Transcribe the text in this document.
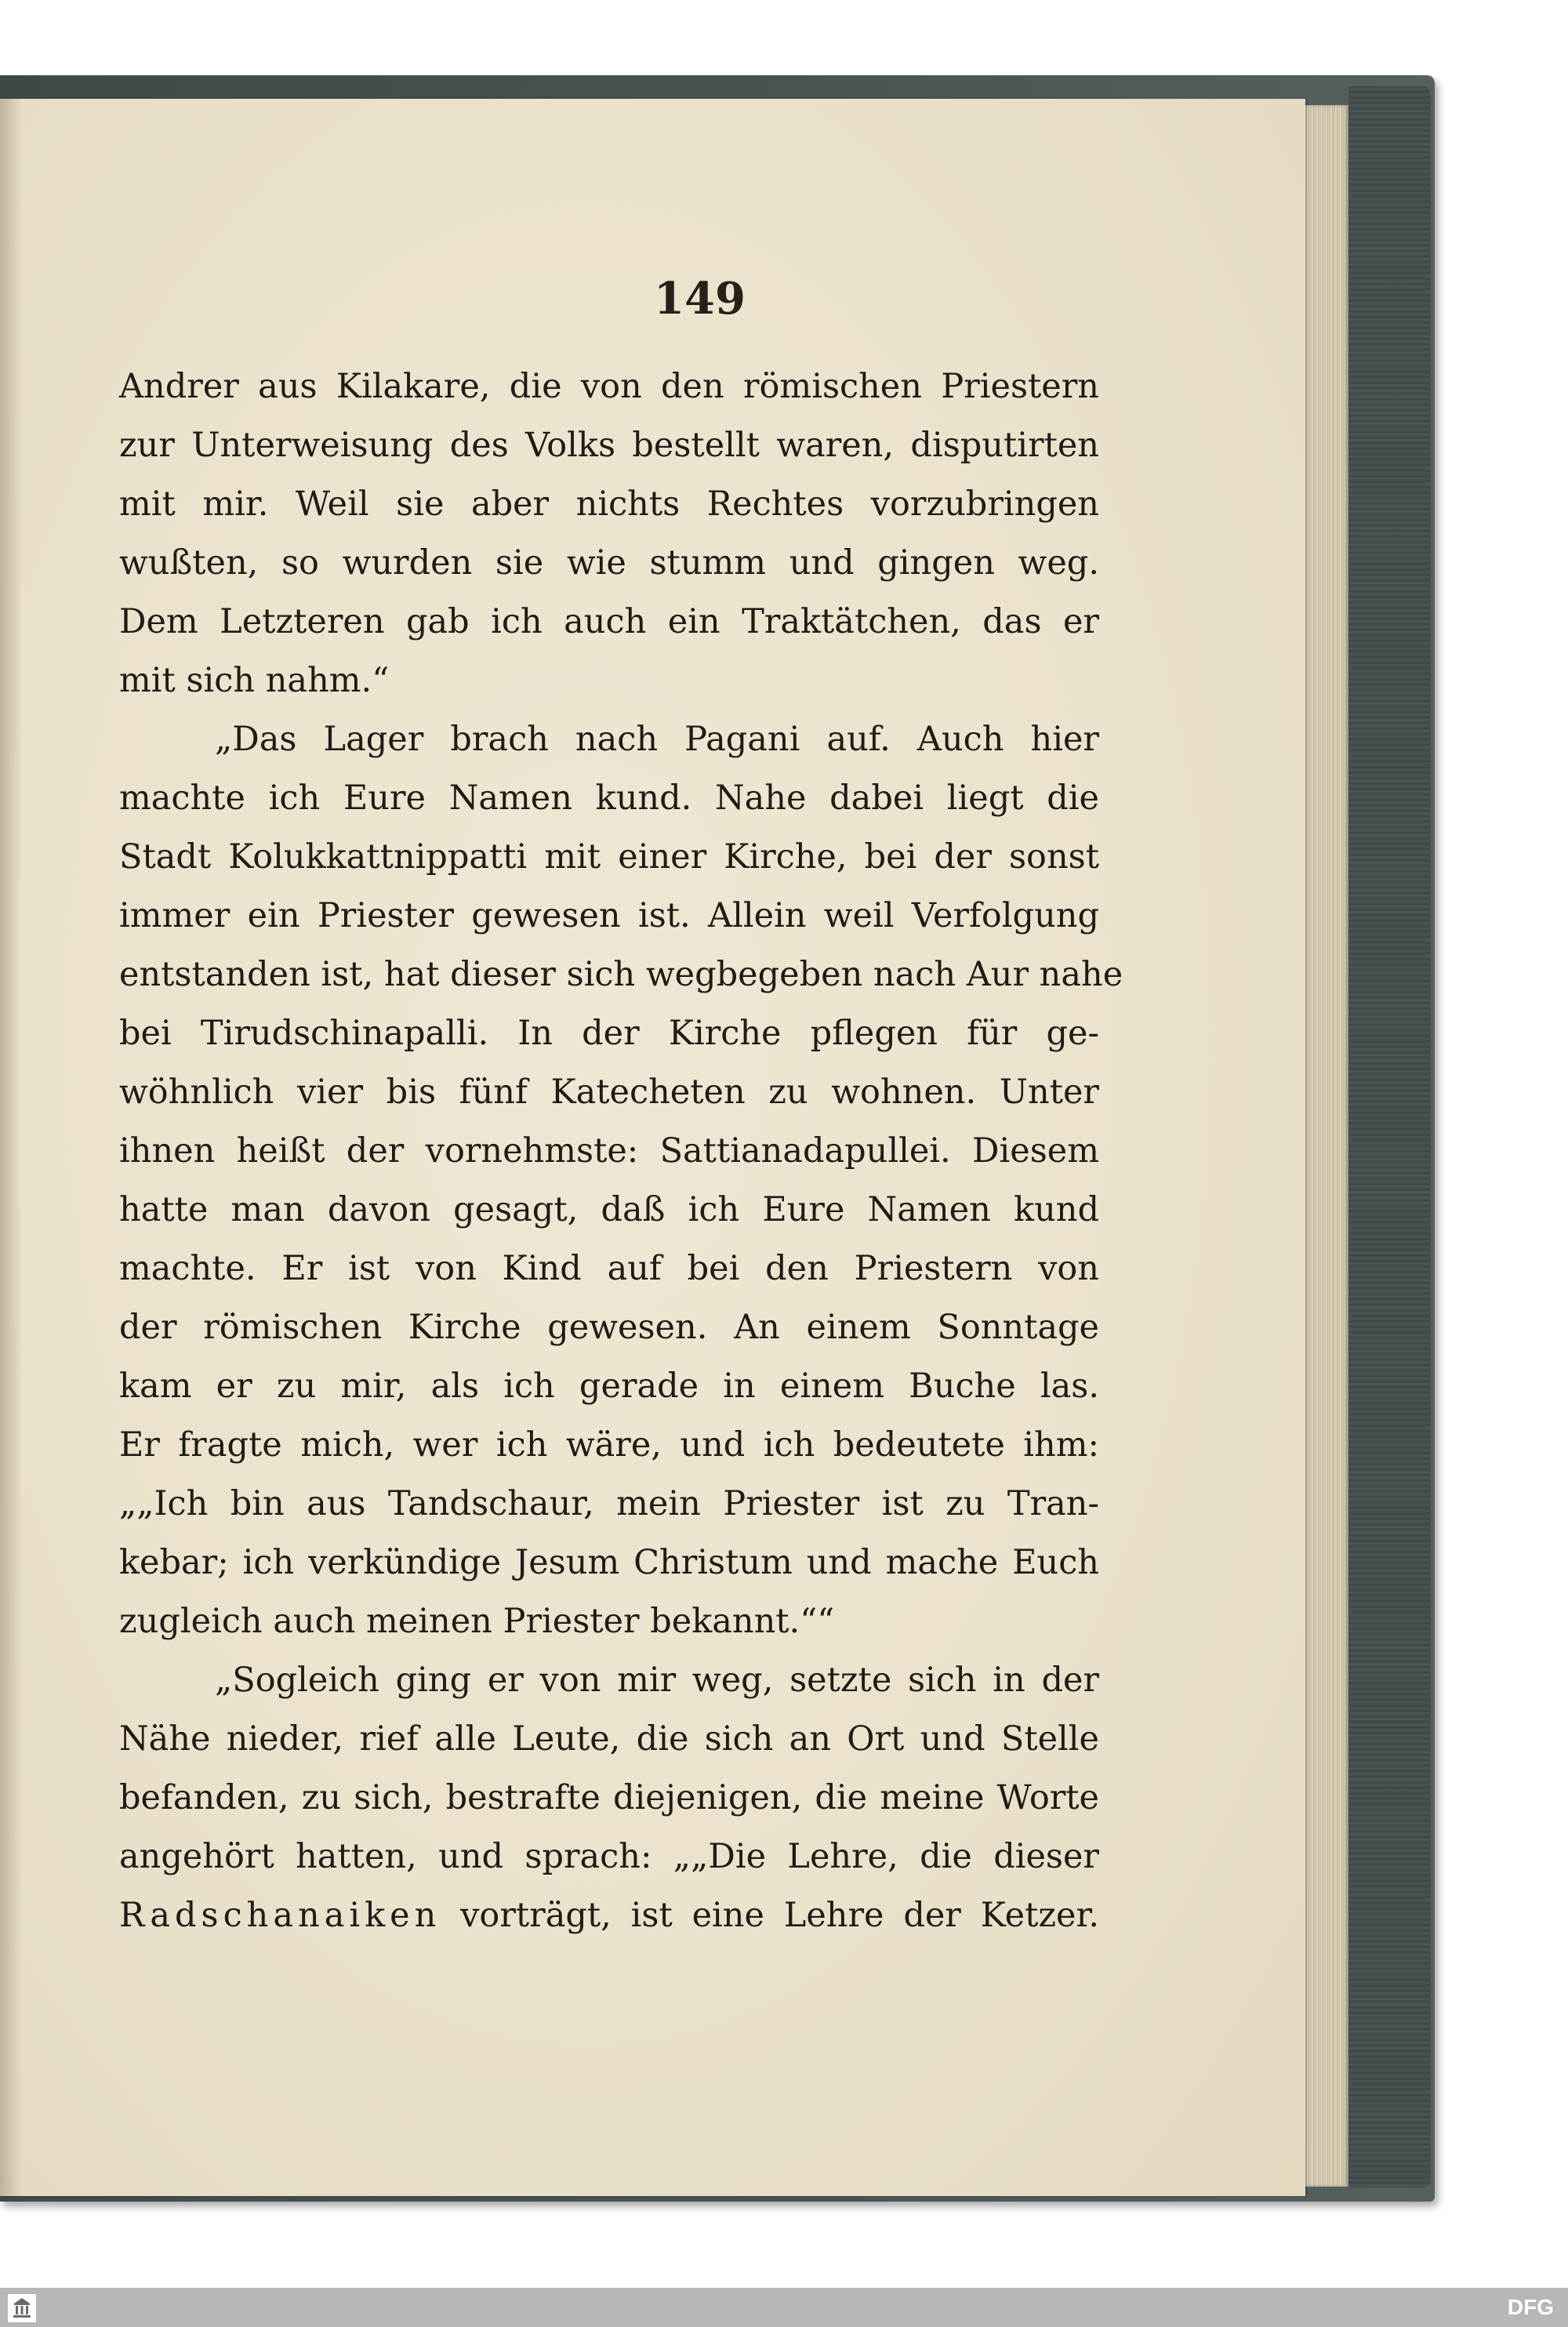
149
Andrer aus Kilakare, die von den römischen Priestern
zur Unterweisung des Volks bestellt waren, disputirten
mit mir. Weil sie aber nichts Rechtes vorzubringen
wußten, so wurden sie wie stumm und gingen weg.
Dem Letzteren gab ich auch ein Traktätchen, das er
mit sich nahm.“
„Das Lager brach nach Pagani auf. Auch hier
machte ich Eure Namen kund. Nahe dabei liegt die
Stadt Kolukkattnippatti mit einer Kirche, bei der sonst
immer ein Priester gewesen ist. Allein weil Verfolgung
entstanden ist, hat dieser sich wegbegeben nach Aur nahe
bei Tirudschinapalli. In der Kirche pflegen für ge-
wöhnlich vier bis fünf Katecheten zu wohnen. Unter
ihnen heißt der vornehmste: Sattianadapullei. Diesem
hatte man davon gesagt, daß ich Eure Namen kund
machte. Er ist von Kind auf bei den Priestern von
der römischen Kirche gewesen. An einem Sonntage
kam er zu mir, als ich gerade in einem Buche las.
Er fragte mich, wer ich wäre, und ich bedeutete ihm:
„„Ich bin aus Tandschaur, mein Priester ist zu Tran-
kebar; ich verkündige Jesum Christum und mache Euch
zugleich auch meinen Priester bekannt.““
„Sogleich ging er von mir weg, setzte sich in der
Nähe nieder, rief alle Leute, die sich an Ort und Stelle
befanden, zu sich, bestrafte diejenigen, die meine Worte
angehört hatten, und sprach: „„Die Lehre, die dieser
Radschanaiken vorträgt, ist eine Lehre der Ketzer.
DFG
